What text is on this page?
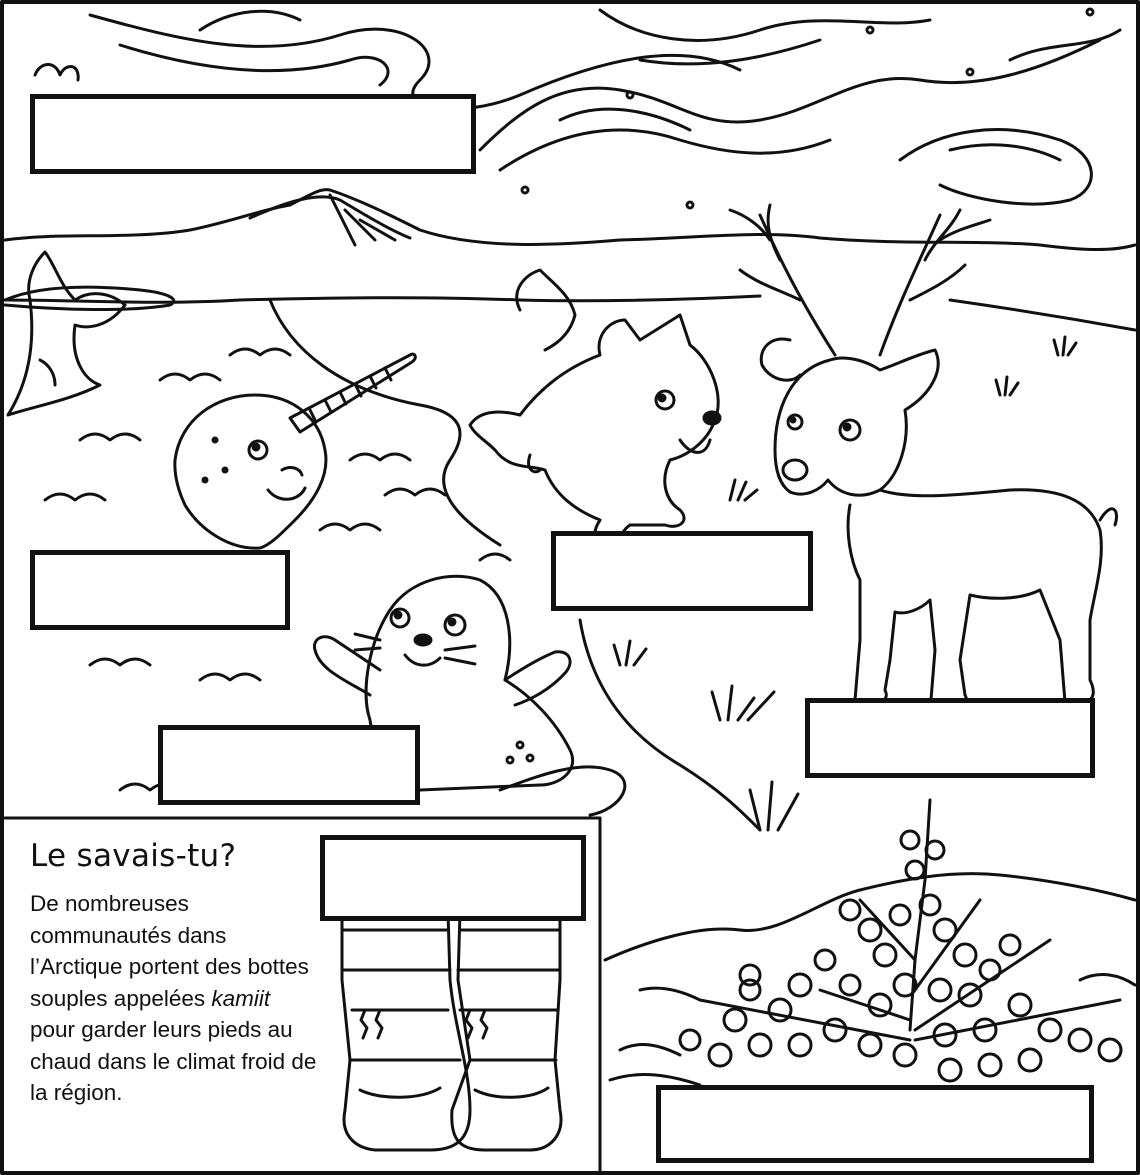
Le savais-tu?

De nombreuses communautés dans l’Arctique portent des bottes souples appelées kamiit pour garder leurs pieds au chaud dans le climat froid de la région.
